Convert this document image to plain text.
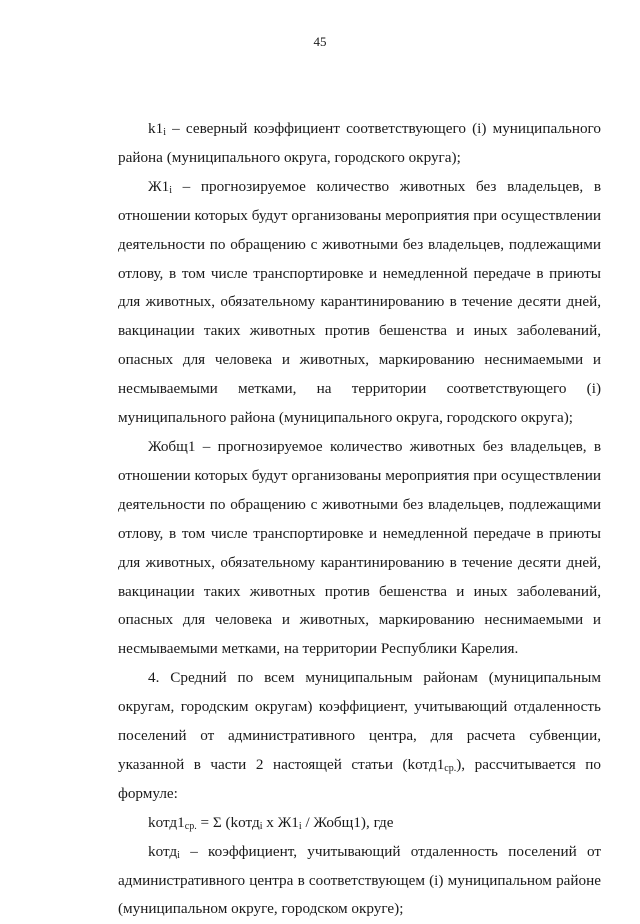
45

$k1_i$ – северный коэффициент соответствующего (i) муниципального района (муниципального округа, городского округа);

$Ж1_i$ – прогнозируемое количество животных без владельцев, в отношении которых будут организованы мероприятия при осуществлении деятельности по обращению с животными без владельцев, подлежащими отлову, в том числе транспортировке и немедленной передаче в приюты для животных, обязательному карантинированию в течение десяти дней, вакцинации таких животных против бешенства и иных заболеваний, опасных для человека и животных, маркированию неснимаемыми и несмываемыми метками, на территории соответствующего (i) муниципального района (муниципального округа, городского округа);

Жобщ1 – прогнозируемое количество животных без владельцев, в отношении которых будут организованы мероприятия при осуществлении деятельности по обращению с животными без владельцев, подлежащими отлову, в том числе транспортировке и немедленной передаче в приюты для животных, обязательному карантинированию в течение десяти дней, вакцинации таких животных против бешенства и иных заболеваний, опасных для человека и животных, маркированию неснимаемыми и несмываемыми метками, на территории Республики Карелия.

4. Средний по всем муниципальным районам (муниципальным округам, городским округам) коэффициент, учитывающий отдаленность поселений от административного центра, для расчета субвенции, указанной в части 2 настоящей статьи $(kотд1_{ср.})$, рассчитывается по формуле:

$kотд1_{ср.} = \Sigma$ (kотд$_i$ х $Ж1_i$ / Жобщ1), где

kотд$_i$ – коэффициент, учитывающий отдаленность поселений от административного центра в соответствующем (i) муниципальном районе (муниципальном округе, городском округе);
